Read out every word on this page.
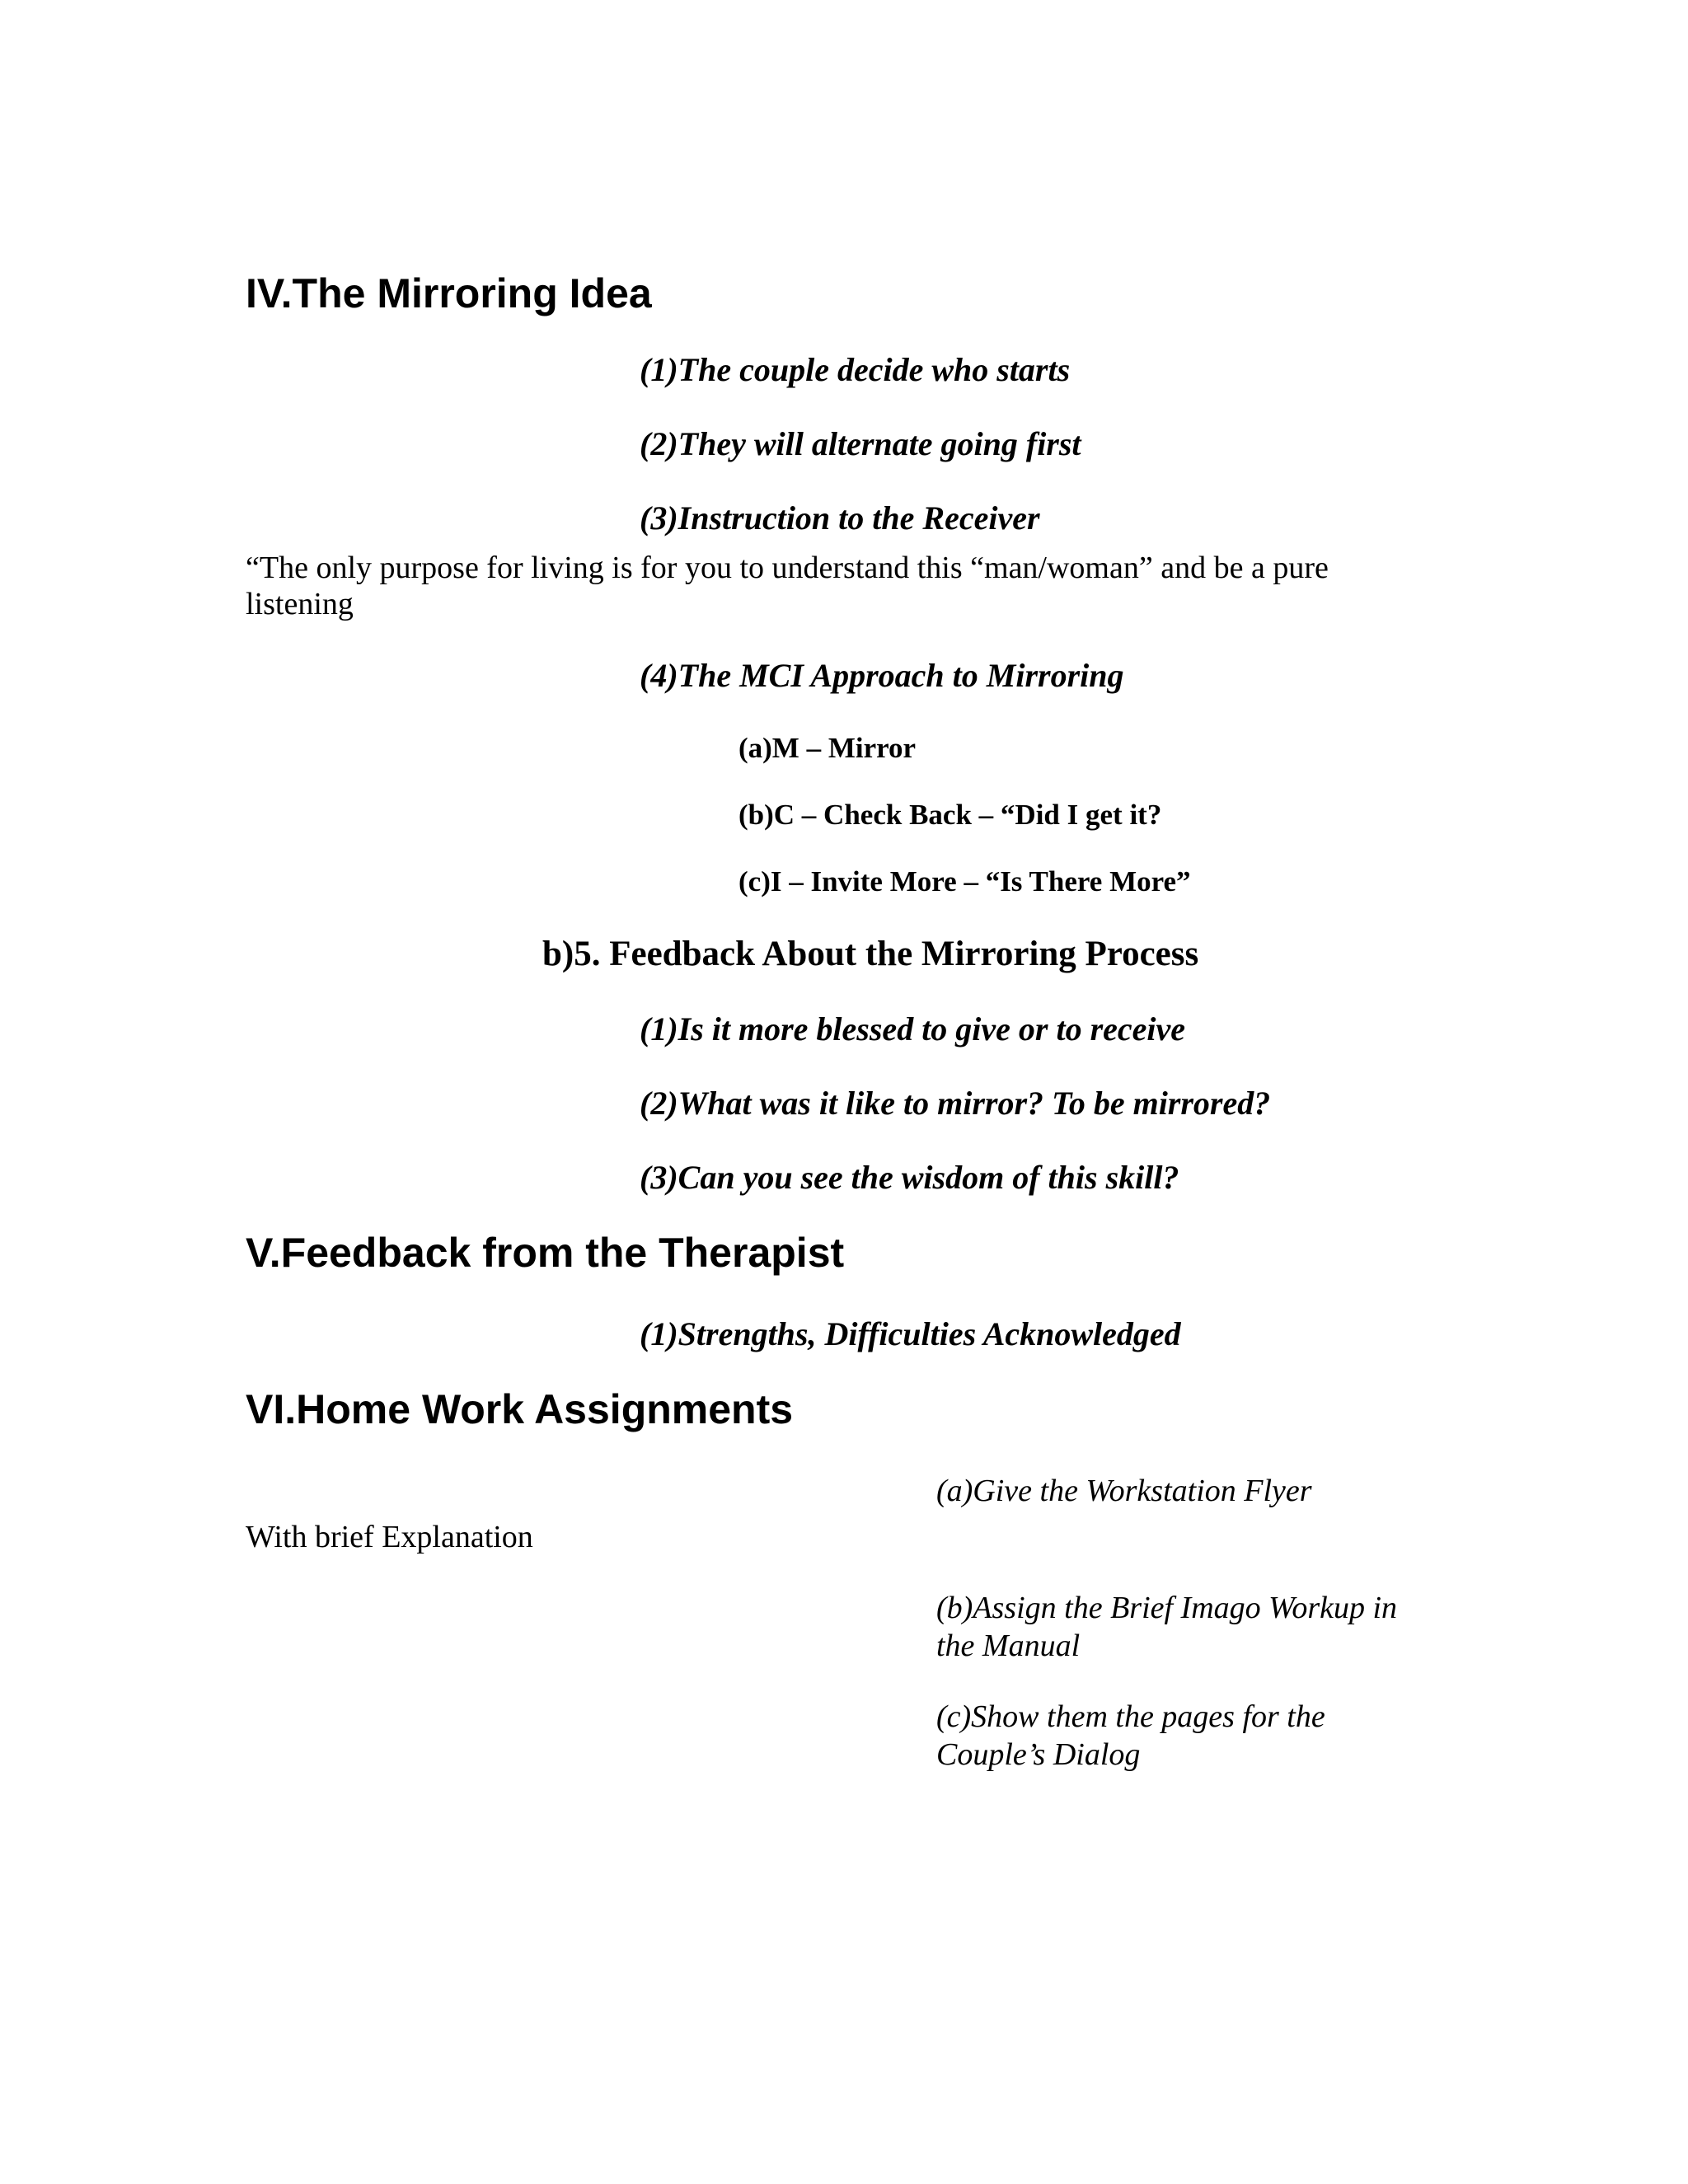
IV.The Mirroring Idea
(1)The couple decide who starts
(2)They will alternate going first
(3)Instruction to the Receiver
“The only purpose for living is for you to understand this “man/woman” and be a pure
listening
(4)The MCI Approach to Mirroring
(a)M – Mirror
(b)C – Check Back – “Did I get it?
(c)I – Invite More – “Is There More”
b)5. Feedback About the Mirroring Process
(1)Is it more blessed to give or to receive
(2)What was it like to mirror? To be mirrored?
(3)Can you see the wisdom of this skill?
V.Feedback from the Therapist
(1)Strengths, Difficulties Acknowledged
VI.Home Work Assignments
(a)Give the Workstation Flyer
With brief Explanation
(b)Assign the Brief Imago Workup in
the Manual
(c)Show them the pages for the
Couple’s Dialog
